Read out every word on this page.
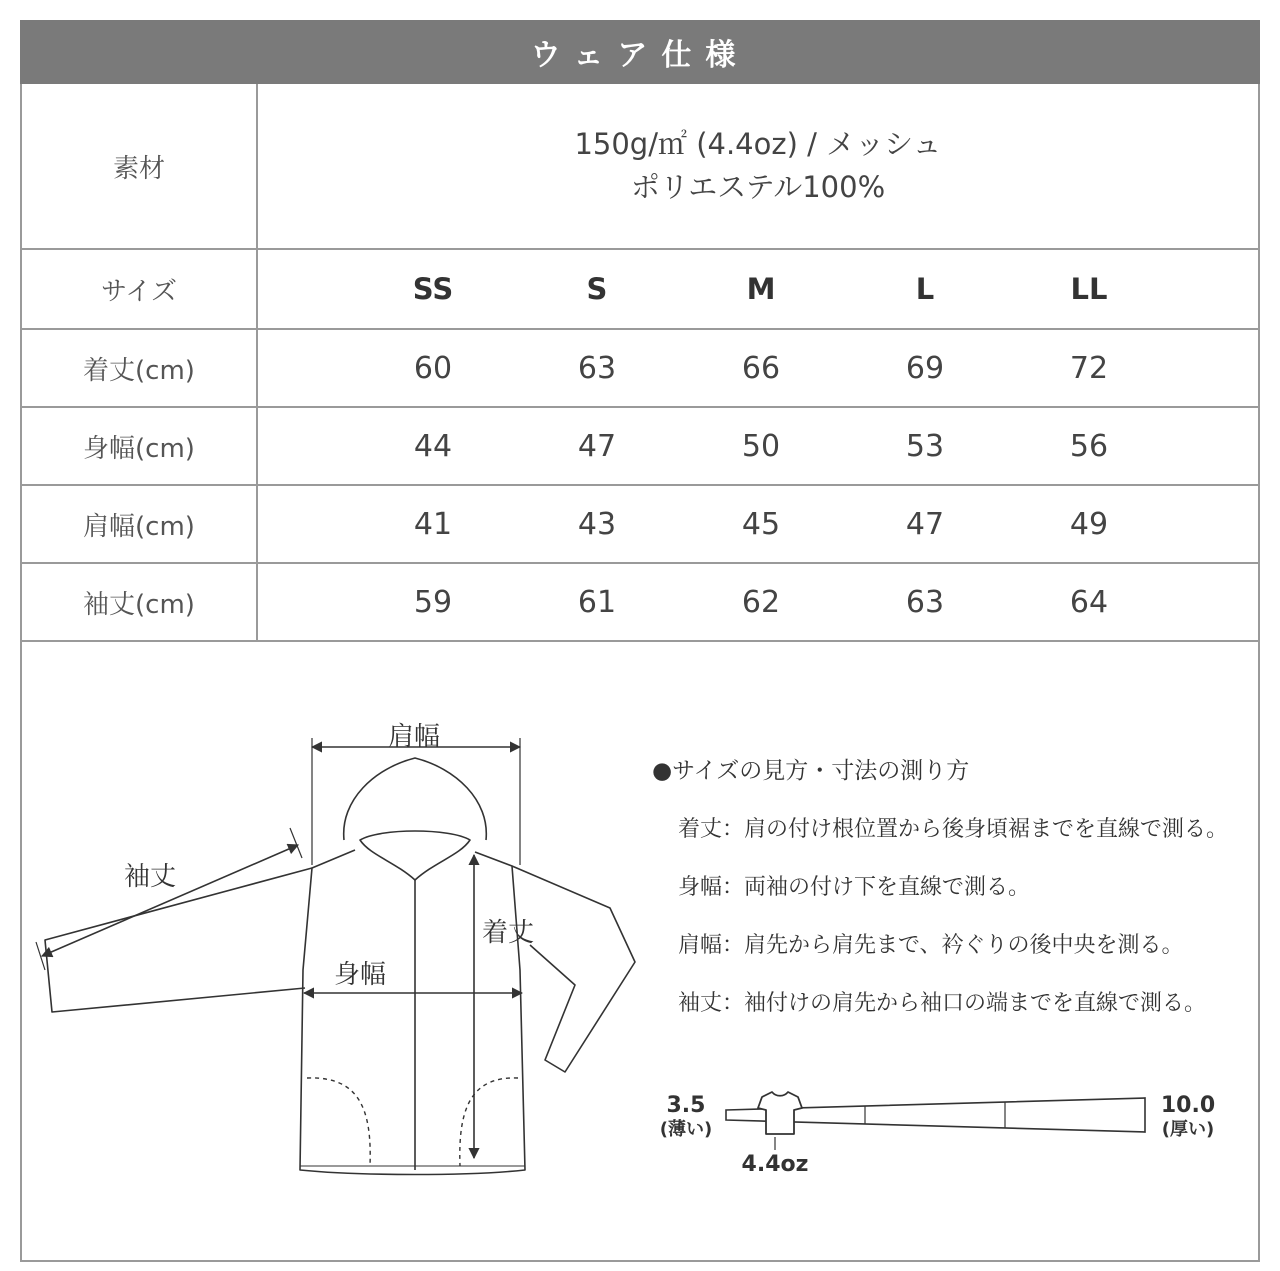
ウェア仕様
素材	150g/㎡ (4.4oz) / メッシュ
ポリエステル100%

サイズ	SS S M L LL

着丈(cm)	60 63 66 69 72

身幅(cm)	44 47 50 53 56

肩幅(cm)	41 43 45 47 49

袖丈(cm)	59 61 62 63 64
肩幅
袖丈
身幅
着丈
●サイズの見方・寸法の測り方
着丈：肩の付け根位置から後身頃裾までを直線で測る。
身幅：両袖の付け下を直線で測る。
肩幅：肩先から肩先まで、衿ぐりの後中央を測る。
袖丈：袖付けの肩先から袖口の端までを直線で測る。
3.5
(薄い)
10.0
(厚い)
4.4oz
